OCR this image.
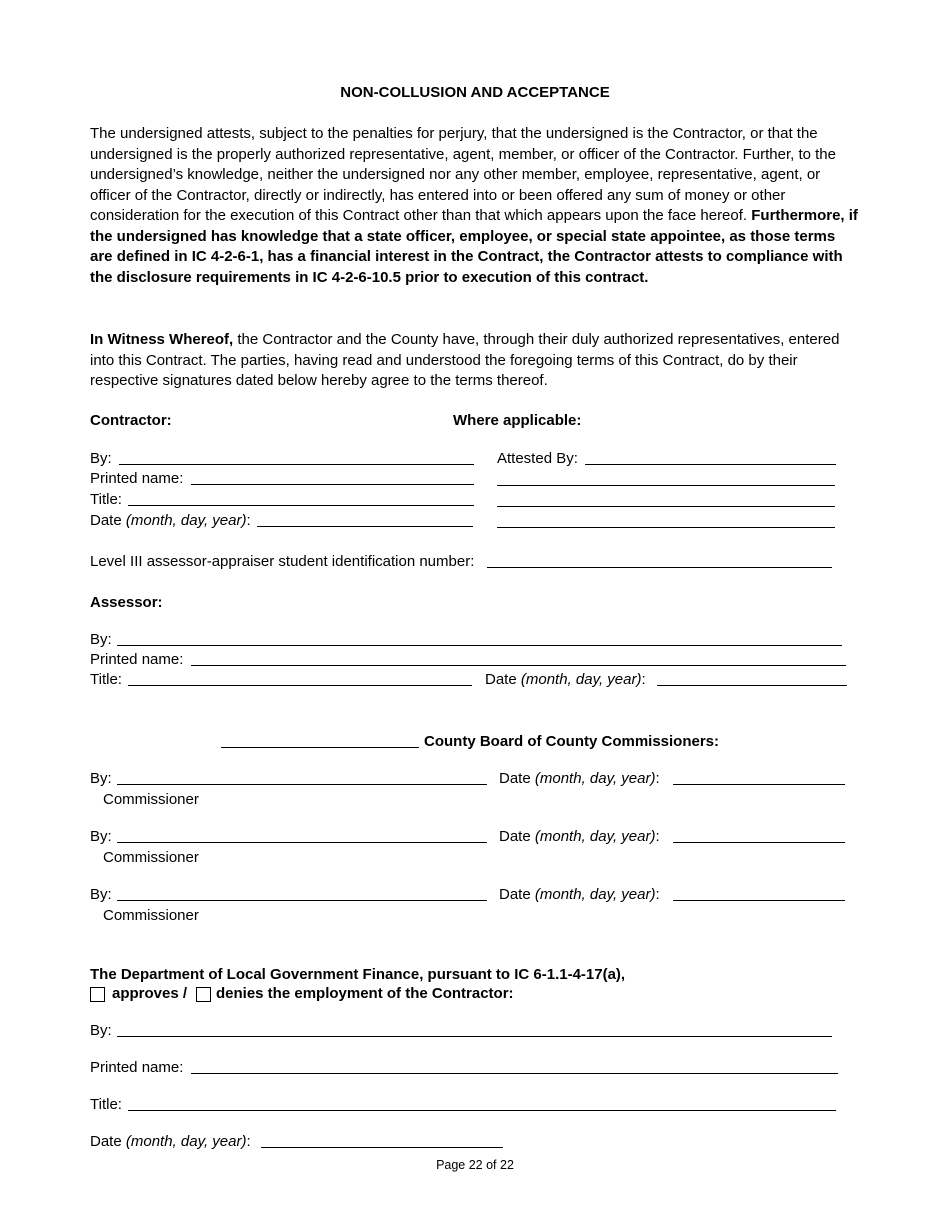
NON-COLLUSION AND ACCEPTANCE
The undersigned attests, subject to the penalties for perjury, that the undersigned is the Contractor, or that the undersigned is the properly authorized representative, agent, member, or officer of the Contractor. Further, to the undersigned’s knowledge, neither the undersigned nor any other member, employee, representative, agent, or officer of the Contractor, directly or indirectly, has entered into or been offered any sum of money or other consideration for the execution of this Contract other than that which appears upon the face hereof. Furthermore, if the undersigned has knowledge that a state officer, employee, or special state appointee, as those terms are defined in IC 4-2-6-1, has a financial interest in the Contract, the Contractor attests to compliance with the disclosure requirements in IC 4-2-6-10.5 prior to execution of this contract.
In Witness Whereof, the Contractor and the County have, through their duly authorized representatives, entered into this Contract. The parties, having read and understood the foregoing terms of this Contract, do by their respective signatures dated below hereby agree to the terms thereof.
Contractor:	Where applicable:
By:	Attested By:
Printed name:
Title:
Date (month, day, year):
Level III assessor-appraiser student identification number:
Assessor:
By:
Printed name:
Title:	Date (month, day, year):
County Board of County Commissioners:
By:	Date (month, day, year):
Commissioner
By:	Date (month, day, year):
Commissioner
By:	Date (month, day, year):
Commissioner
The Department of Local Government Finance, pursuant to IC 6-1.1-4-17(a),
approves / denies the employment of the Contractor:
By:
Printed name:
Title:
Date (month, day, year):
Page 22 of 22
